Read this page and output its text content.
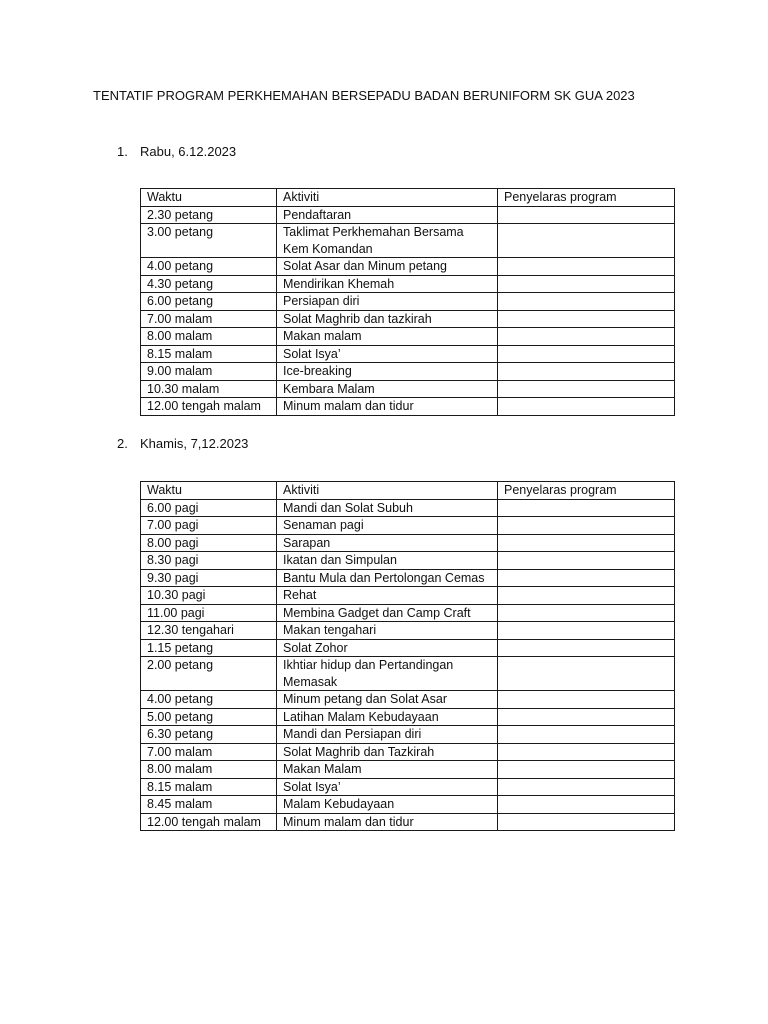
TENTATIF PROGRAM PERKHEMAHAN BERSEPADU BADAN BERUNIFORM SK GUA 2023
1. Rabu, 6.12.2023
Waktu	Aktiviti	Penyelaras program
2.30 petang	Pendaftaran	
3.00 petang	Taklimat Perkhemahan Bersama Kem Komandan	
4.00 petang	Solat Asar dan Minum petang	
4.30 petang	Mendirikan Khemah	
6.00 petang	Persiapan diri	
7.00 malam	Solat Maghrib dan tazkirah	
8.00 malam	Makan malam	
8.15 malam	Solat Isya’	
9.00 malam	Ice-breaking	
10.30 malam	Kembara Malam	
12.00 tengah malam	Minum malam dan tidur	
2. Khamis, 7,12.2023
Waktu	Aktiviti	Penyelaras program
6.00 pagi	Mandi dan Solat Subuh	
7.00 pagi	Senaman pagi	
8.00 pagi	Sarapan	
8.30 pagi	Ikatan dan Simpulan	
9.30 pagi	Bantu Mula dan Pertolongan Cemas	
10.30 pagi	Rehat	
11.00 pagi	Membina Gadget dan Camp Craft	
12.30 tengahari	Makan tengahari	
1.15 petang	Solat Zohor	
2.00 petang	Ikhtiar hidup dan Pertandingan Memasak	
4.00 petang	Minum petang dan Solat Asar	
5.00 petang	Latihan Malam Kebudayaan	
6.30 petang	Mandi dan Persiapan diri	
7.00 malam	Solat Maghrib dan Tazkirah	
8.00 malam	Makan Malam	
8.15 malam	Solat Isya’	
8.45 malam	Malam Kebudayaan	
12.00 tengah malam	Minum malam dan tidur	
